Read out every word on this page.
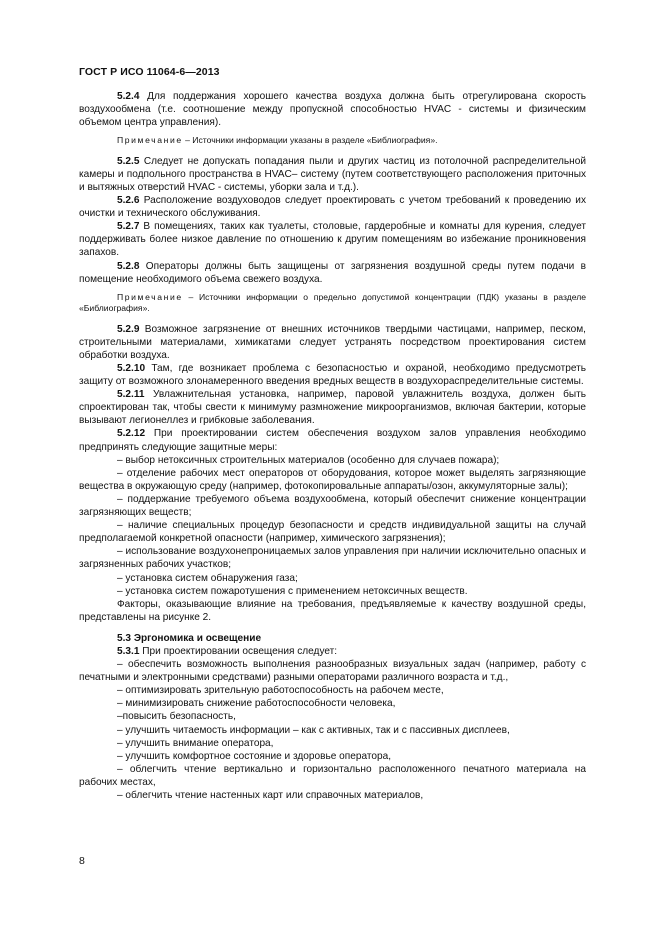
ГОСТ Р ИСО 11064-6—2013

5.2.4 Для поддержания хорошего качества воздуха должна быть отрегулирована скорость воздухообмена (т.е. соотношение между пропускной способностью HVAC - системы и физическим объемом центра управления).

Примечание – Источники информации указаны в разделе «Библиография».

5.2.5 Следует не допускать попадания пыли и других частиц из потолочной распределительной камеры и подпольного пространства в HVAC– систему (путем соответствующего расположения приточных и вытяжных отверстий HVAC - системы, уборки зала и т.д.).

5.2.6 Расположение воздуховодов следует проектировать с учетом требований к проведению их очистки и технического обслуживания.

5.2.7 В помещениях, таких как туалеты, столовые, гардеробные и комнаты для курения, следует поддерживать более низкое давление по отношению к другим помещениям во избежание проникновения запахов.

5.2.8 Операторы должны быть защищены от загрязнения воздушной среды путем подачи в помещение необходимого объема свежего воздуха.

Примечание – Источники информации о предельно допустимой концентрации (ПДК) указаны в разделе «Библиография».

5.2.9 Возможное загрязнение от внешних источников твердыми частицами, например, песком, строительными материалами, химикатами следует устранять посредством проектирования систем обработки воздуха.

5.2.10 Там, где возникает проблема с безопасностью и охраной, необходимо предусмотреть защиту от возможного злонамеренного введения вредных веществ в воздухораспределительные системы.

5.2.11 Увлажнительная установка, например, паровой увлажнитель воздуха, должен быть спроектирован так, чтобы свести к минимуму размножение микроорганизмов, включая бактерии, которые вызывают легионеллез и грибковые заболевания.

5.2.12 При проектировании систем обеспечения воздухом залов управления необходимо предпринять следующие защитные меры:

– выбор нетоксичных строительных материалов (особенно для случаев пожара);

– отделение рабочих мест операторов от оборудования, которое может выделять загрязняющие вещества в окружающую среду (например, фотокопировальные аппараты/озон, аккумуляторные залы);

– поддержание требуемого объема воздухообмена, который обеспечит снижение концентрации загрязняющих веществ;

– наличие специальных процедур безопасности и средств индивидуальной защиты на случай предполагаемой конкретной опасности (например, химического загрязнения);

– использование воздухонепроницаемых залов управления при наличии исключительно опасных и загрязненных рабочих участков;

– установка систем обнаружения газа;

– установка систем пожаротушения с применением нетоксичных веществ.

Факторы, оказывающие влияние на требования, предъявляемые к качеству воздушной среды, представлены на рисунке 2.

5.3 Эргономика и освещение

5.3.1 При проектировании освещения следует:

– обеспечить возможность выполнения разнообразных визуальных задач (например, работу с печатными и электронными средствами) разными операторами различного возраста и т.д.,

– оптимизировать зрительную работоспособность на рабочем месте,

– минимизировать снижение работоспособности человека,

–повысить безопасность,

– улучшить читаемость информации – как с активных, так и с пассивных дисплеев,

– улучшить внимание оператора,

– улучшить комфортное состояние и здоровье оператора,

– облегчить чтение вертикально и горизонтально расположенного печатного материала на рабочих местах,

– облегчить чтение настенных карт или справочных материалов,

8
